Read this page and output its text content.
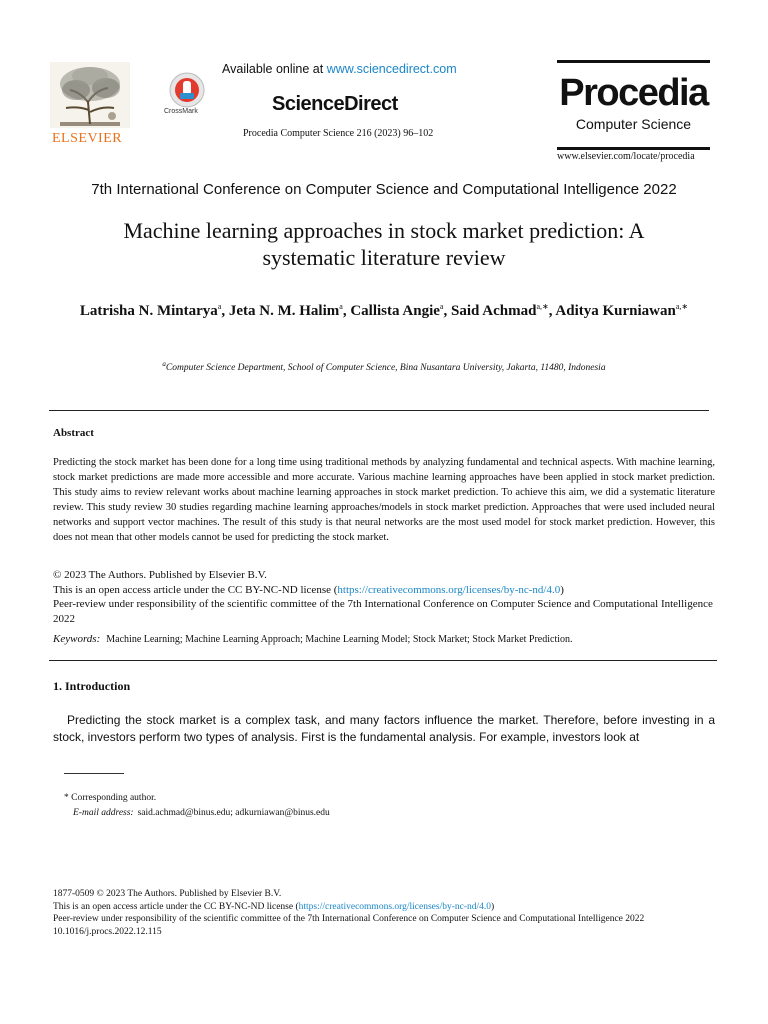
ELSEVIER
CrossMark
Available online at www.sciencedirect.com
ScienceDirect
Procedia Computer Science 216 (2023) 96–102
Procedia
Computer Science
www.elsevier.com/locate/procedia
7th International Conference on Computer Science and Computational Intelligence 2022
Machine learning approaches in stock market prediction: A
systematic literature review
Latrisha N. Mintarya$^a$, Jeta N. M. Halim$^a$, Callista Angie$^a$, Said Achmad$^{a,∗}$, Aditya Kurniawan$^{a,∗}$
$^a$Computer Science Department, School of Computer Science, Bina Nusantara University, Jakarta, 11480, Indonesia
Abstract
Predicting the stock market has been done for a long time using traditional methods by analyzing fundamental and technical aspects. With machine learning, stock market predictions are made more accessible and more accurate. Various machine learning approaches have been applied in stock market prediction. This study aims to review relevant works about machine learning approaches in stock market prediction. To achieve this aim, we did a systematic literature review. This study review 30 studies regarding machine learning approaches/models in stock market prediction. Approaches that were used included neural networks and support vector machines. The result of this study is that neural networks are the most used model for stock market prediction. However, this does not mean that other models cannot be used for predicting the stock market.
© 2023 The Authors. Published by Elsevier B.V.
This is an open access article under the CC BY-NC-ND license (https://creativecommons.org/licenses/by-nc-nd/4.0)
Peer-review under responsibility of the scientific committee of the 7th International Conference on Computer Science and Computational Intelligence 2022
Keywords: Machine Learning; Machine Learning Approach; Machine Learning Model; Stock Market; Stock Market Prediction.
1. Introduction
Predicting the stock market is a complex task, and many factors influence the market. Therefore, before investing in a stock, investors perform two types of analysis. First is the fundamental analysis. For example, investors look at
* Corresponding author.
E-mail address: said.achmad@binus.edu; adkurniawan@binus.edu
1877-0509 © 2023 The Authors. Published by Elsevier B.V.
This is an open access article under the CC BY-NC-ND license (https://creativecommons.org/licenses/by-nc-nd/4.0)
Peer-review under responsibility of the scientific committee of the 7th International Conference on Computer Science and Computational Intelligence 2022
10.1016/j.procs.2022.12.115
